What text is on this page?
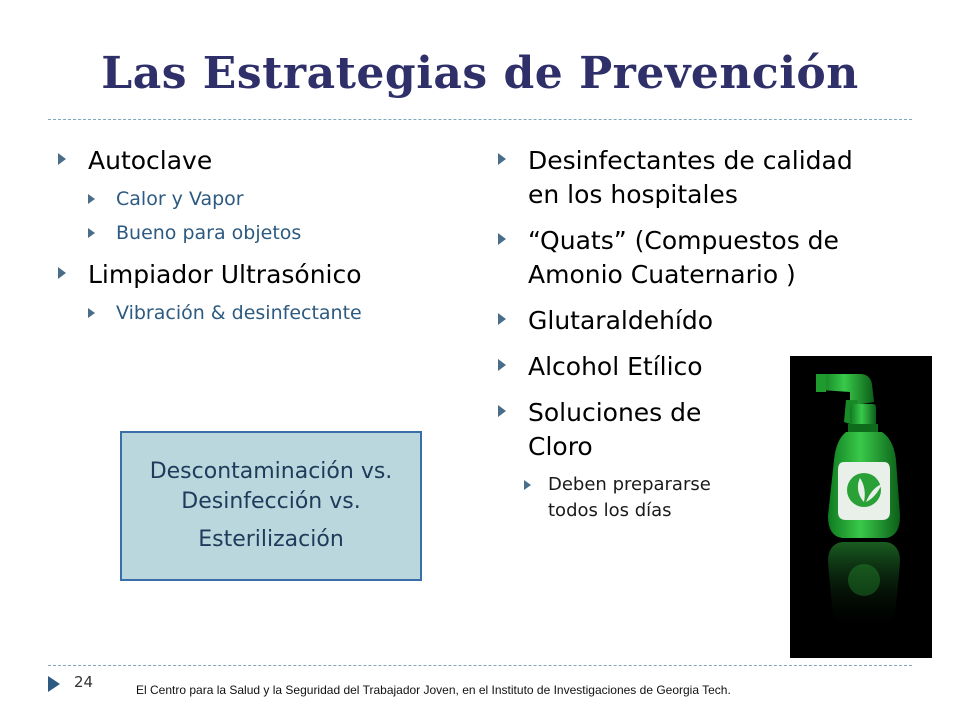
Las Estrategias de Prevención
Autoclave
Calor y Vapor
Bueno para objetos
Limpiador Ultrasónico
Vibración & desinfectante
Descontaminación vs.
Desinfección vs.
Esterilización
Desinfectantes de calidad
en los hospitales
“Quats” (Compuestos de
Amonio Cuaternario )
Glutaraldehído
Alcohol Etílico
Soluciones de
Cloro
Deben prepararse
todos los días
24	El Centro para la Salud y la Seguridad del Trabajador Joven, en el Instituto de Investigaciones de Georgia Tech.
